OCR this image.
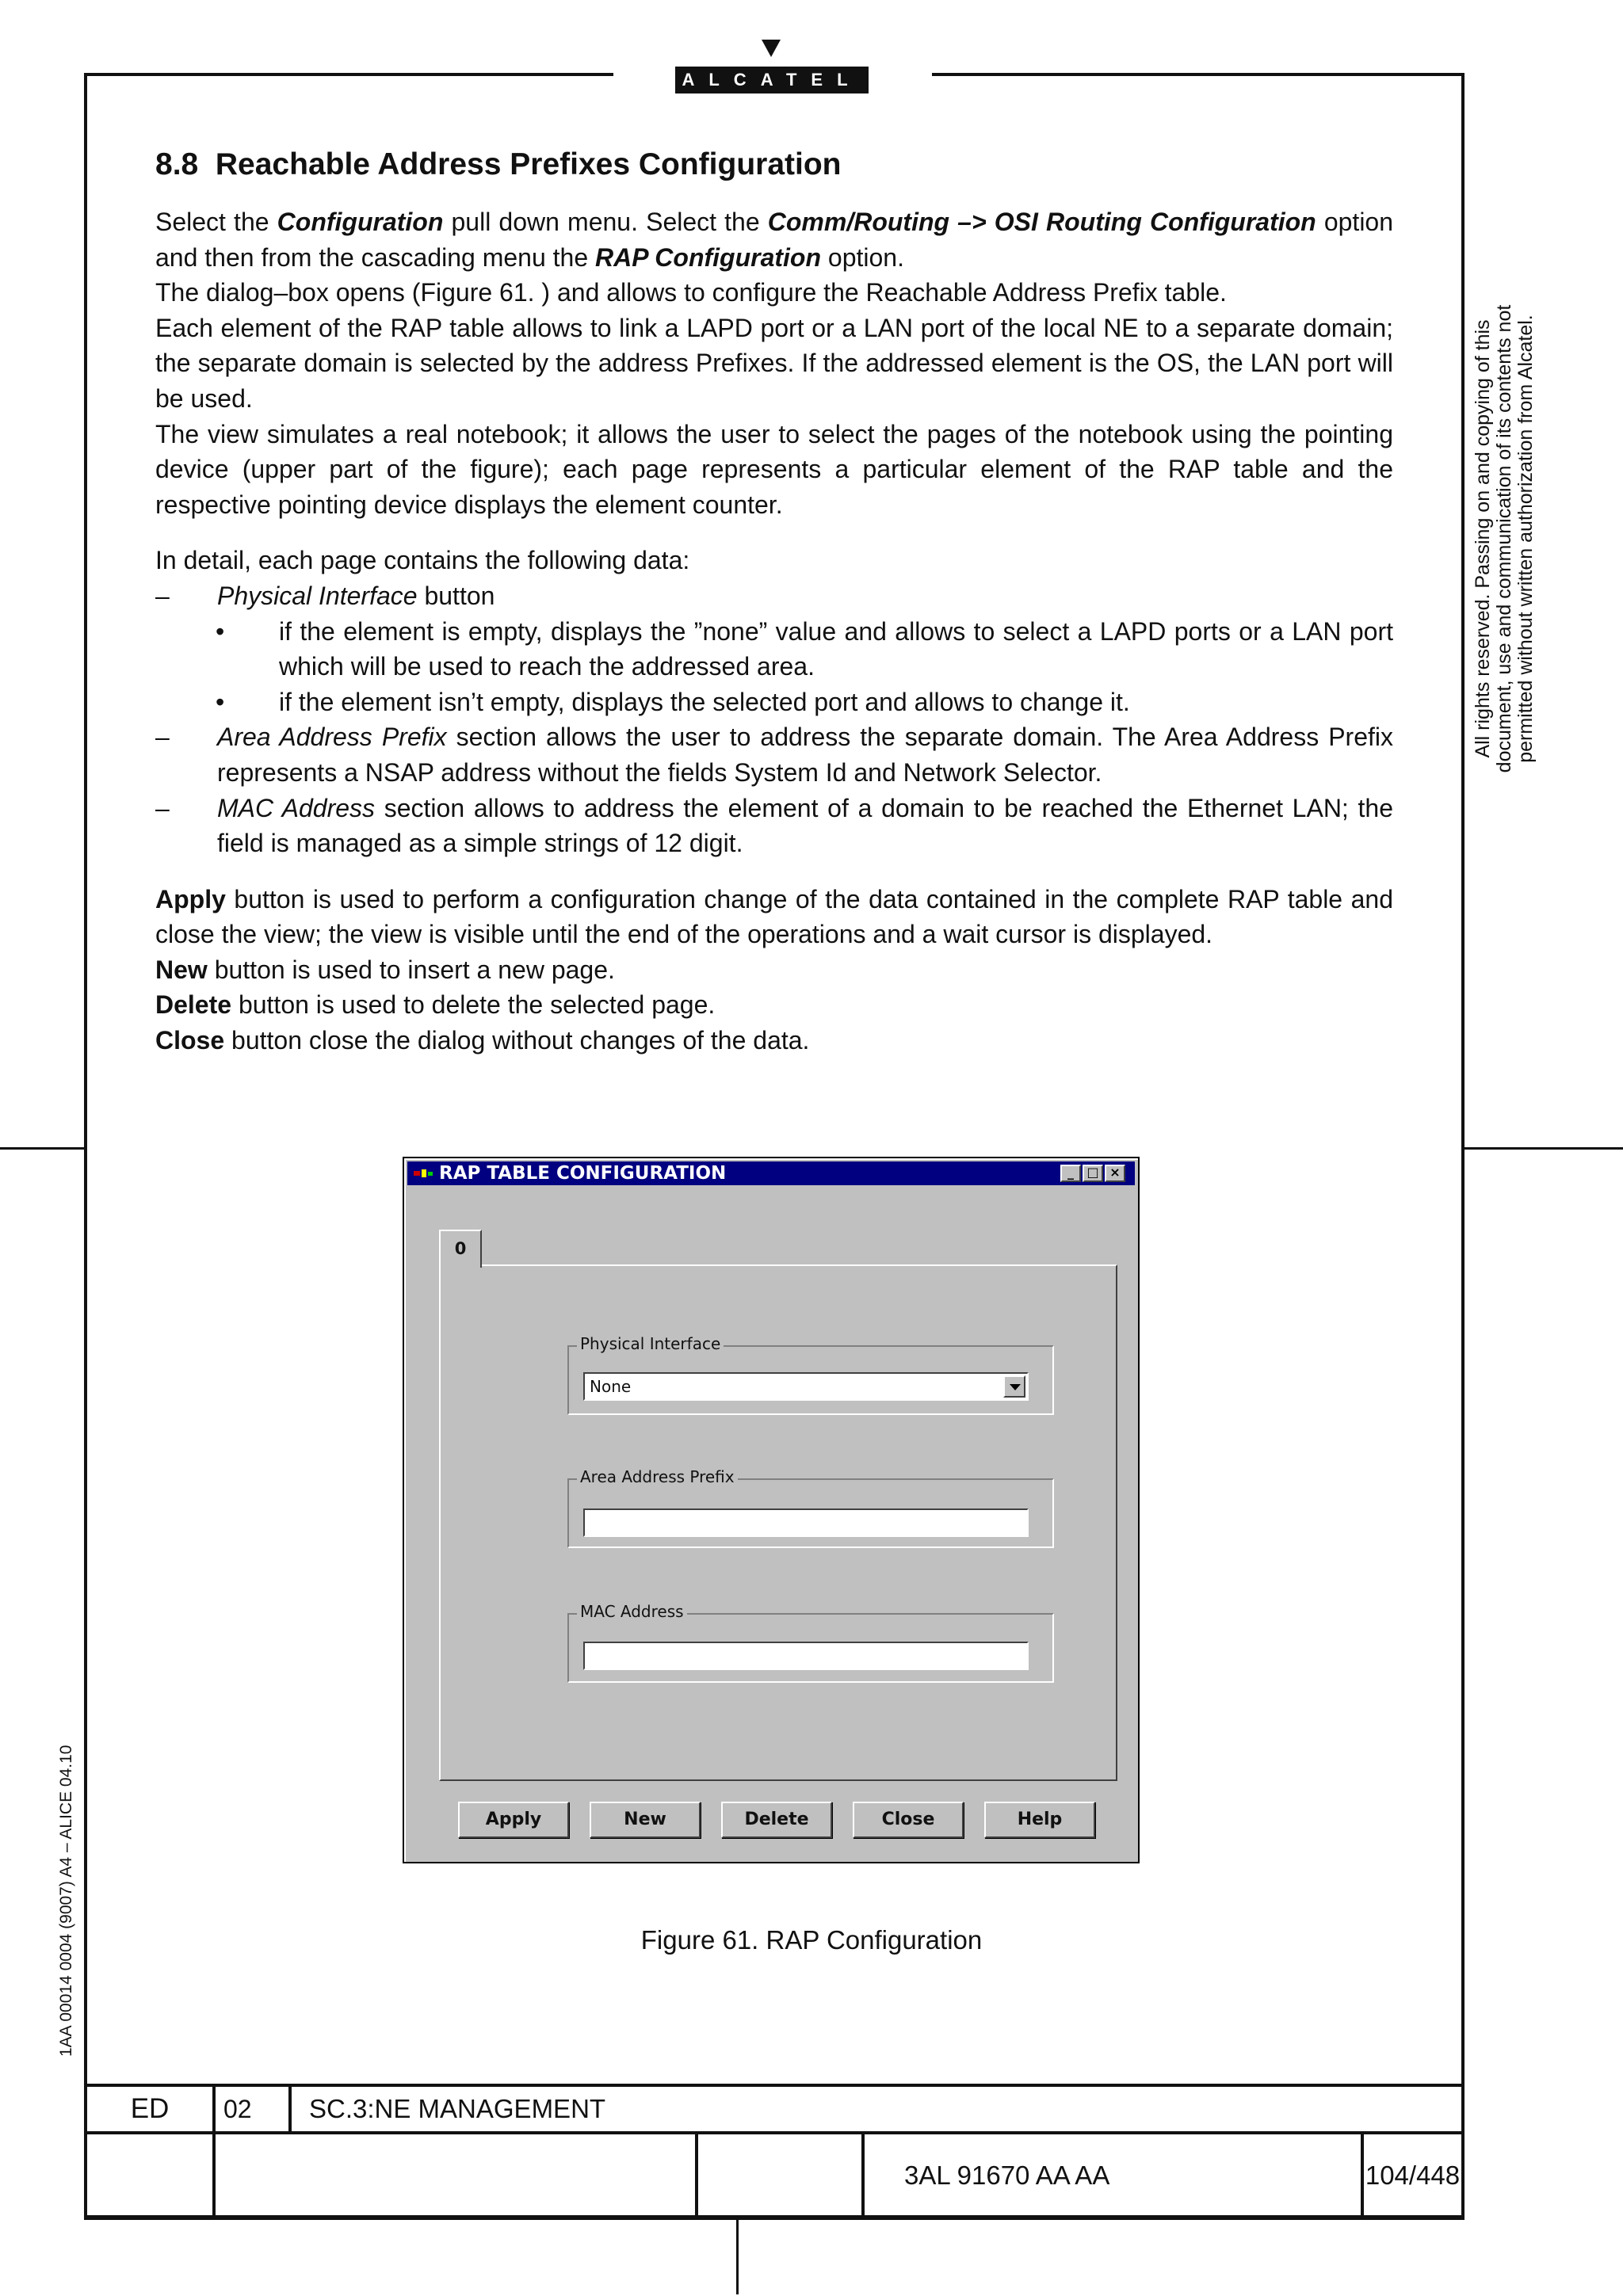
ALCATEL
All rights reserved. Passing on and copying of this document, use and communication of its contents not permitted without written authorization from Alcatel.
1AA 00014 0004 (9007) A4 – ALICE 04.10
8.8 Reachable Address Prefixes Configuration

Select the Configuration pull down menu. Select the Comm/Routing –> OSI Routing Configuration option and then from the cascading menu the RAP Configuration option.

The dialog–box opens (Figure 61. ) and allows to configure the Reachable Address Prefix table.

Each element of the RAP table allows to link a LAPD port or a LAN port of the local NE to a separate domain; the separate domain is selected by the address Prefixes. If the addressed element is the OS, the LAN port will be used.

The view simulates a real notebook; it allows the user to select the pages of the notebook using the pointing device (upper part of the figure); each page represents a particular element of the RAP table and the respective pointing device displays the element counter.

In detail, each page contains the following data:

– Physical Interface button
• if the element is empty, displays the ”none” value and allows to select a LAPD ports or a LAN port which will be used to reach the addressed area.
• if the element isn’t empty, displays the selected port and allows to change it.
– Area Address Prefix section allows the user to address the separate domain. The Area Address Prefix represents a NSAP address without the fields System Id and Network Selector.
– MAC Address section allows to address the element of a domain to be reached the Ethernet LAN; the field is managed as a simple strings of 12 digit.

Apply button is used to perform a configuration change of the data contained in the complete RAP table and close the view; the view is visible until the end of the operations and a wait cursor is displayed.

New button is used to insert a new page.

Delete button is used to delete the selected page.

Close button close the dialog without changes of the data.

RAP TABLE CONFIGURATION	_	□ ×
Physical Interface
None
Area Address Prefix
MAC Address
0
Apply	New	Delete	Close	Help
Figure 61. RAP Configuration
ED	02	SC.3:NE MANAGEMENT			
				3AL 91670 AA AA	104/448
